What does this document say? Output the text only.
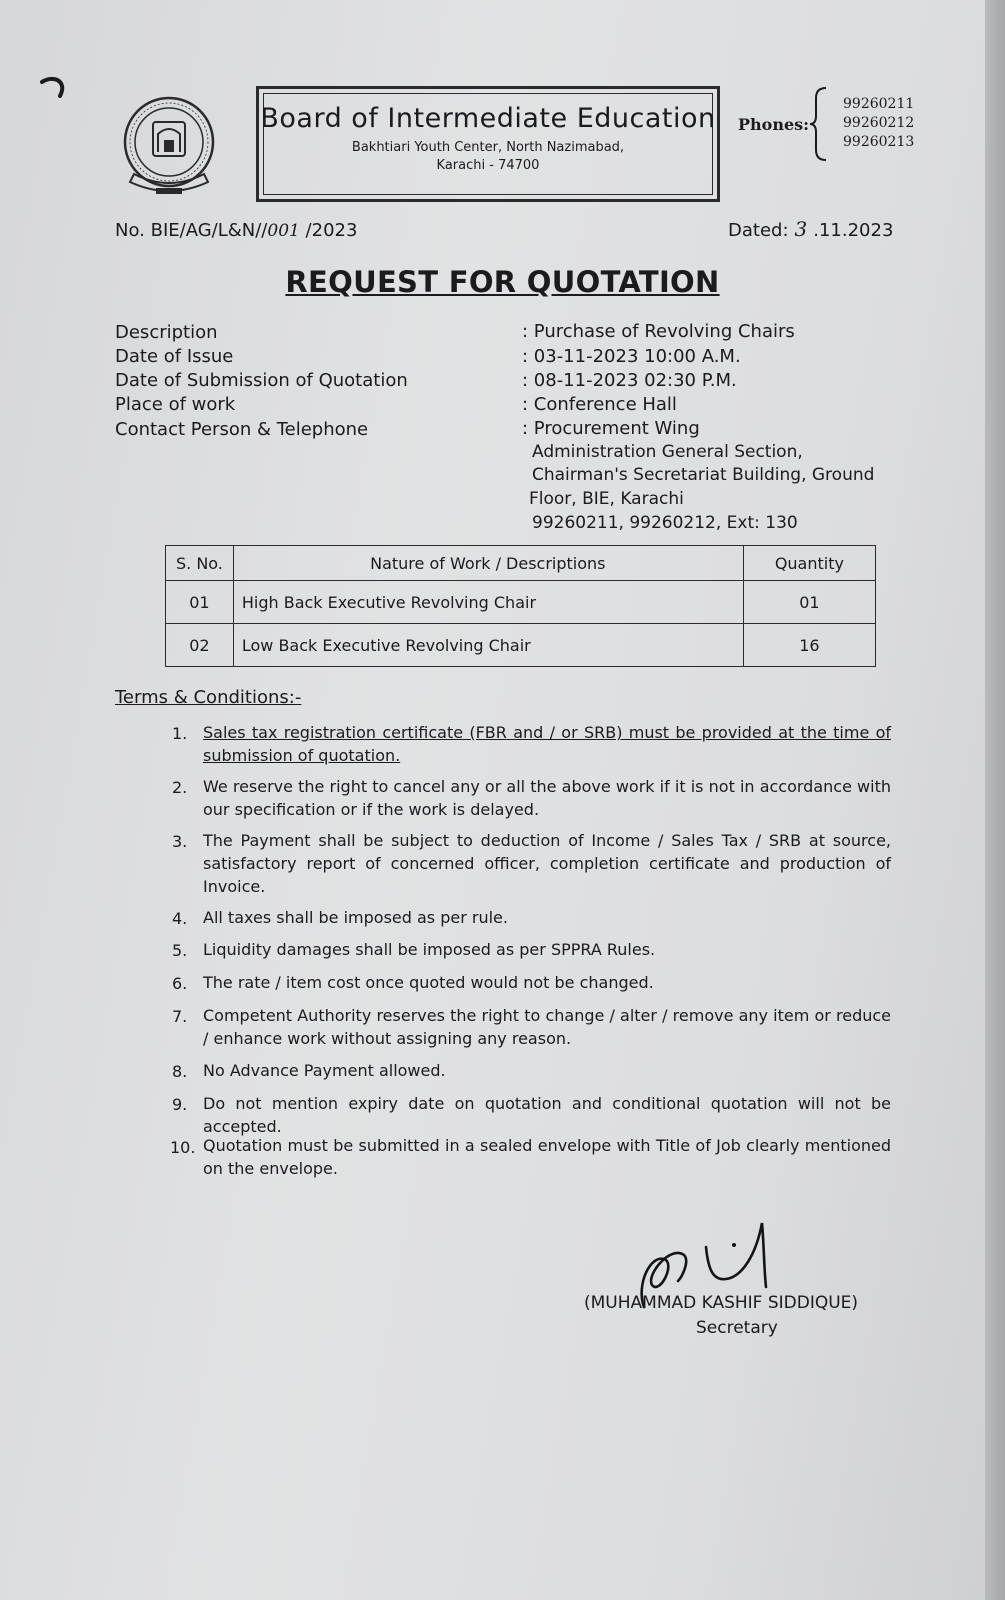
Board of Intermediate Education
Bakhtiari Youth Center, North Nazimabad,
Karachi - 74700
Phones:
99260211
99260212
99260213
No. BIE/AG/L&N//001 /2023	Dated: 3 .11.2023
REQUEST FOR QUOTATION
Description	: Purchase of Revolving Chairs
Date of Issue	: 03-11-2023 10:00 A.M.
Date of Submission of Quotation	: 08-11-2023 02:30 P.M.
Place of work	: Conference Hall
Contact Person & Telephone	: Procurement Wing
Administration General Section,
Chairman's Secretariat Building, Ground
Floor, BIE, Karachi
99260211, 99260212, Ext: 130
S. No.	Nature of Work / Descriptions	Quantity
01	High Back Executive Revolving Chair	01
02	Low Back Executive Revolving Chair	16
Terms & Conditions:-
1. Sales tax registration certificate (FBR and / or SRB) must be provided at the time of submission of quotation.
2. We reserve the right to cancel any or all the above work if it is not in accordance with our specification or if the work is delayed.
3. The Payment shall be subject to deduction of Income / Sales Tax / SRB at source, satisfactory report of concerned officer, completion certificate and production of Invoice.
4. All taxes shall be imposed as per rule.
5. Liquidity damages shall be imposed as per SPPRA Rules.
6. The rate / item cost once quoted would not be changed.
7. Competent Authority reserves the right to change / alter / remove any item or reduce / enhance work without assigning any reason.
8. No Advance Payment allowed.
9. Do not mention expiry date on quotation and conditional quotation will not be accepted.
10. Quotation must be submitted in a sealed envelope with Title of Job clearly mentioned on the envelope.
(MUHAMMAD KASHIF SIDDIQUE)
Secretary
